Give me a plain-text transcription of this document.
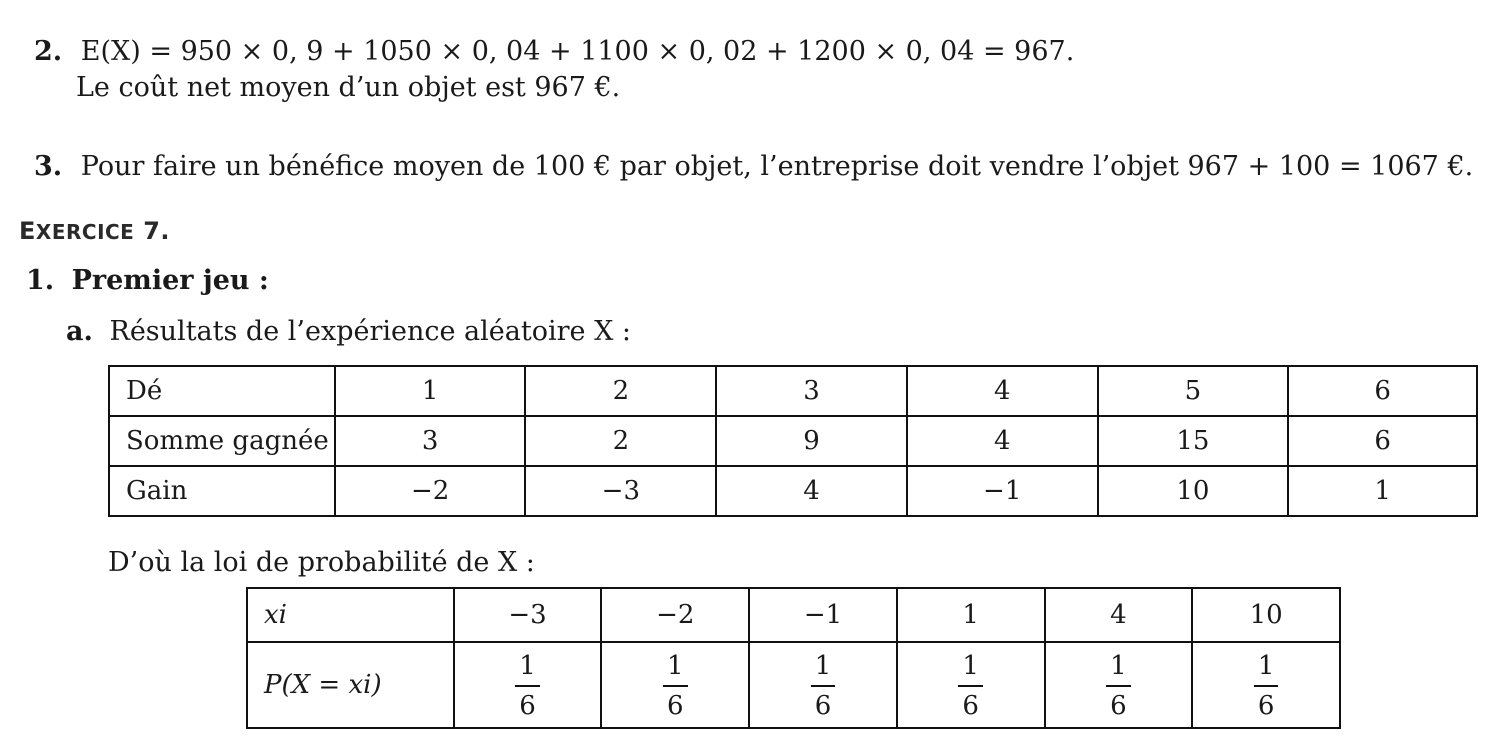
2. E(X) = 950 × 0, 9 + 1050 × 0, 04 + 1100 × 0, 02 + 1200 × 0, 04 = 967.
Le coût net moyen d’un objet est 967 €.
3. Pour faire un bénéfice moyen de 100 € par objet, l’entreprise doit vendre l’objet 967 + 100 = 1067 €.
EXERCICE 7.
1. Premier jeu :
a. Résultats de l’expérience aléatoire X :
Dé	1	2	3	4	5	6
Somme gagnée	3	2	9	4	15	6
Gain	−2	−3	4	−1	10	1
D’où la loi de probabilité de X :
xi	−3	−2	−1	1	4	10
P(X = xi)	$\frac{1}{6}$	$\frac{1}{6}$	$\frac{1}{6}$	$\frac{1}{6}$	$\frac{1}{6}$	$\frac{1}{6}$
